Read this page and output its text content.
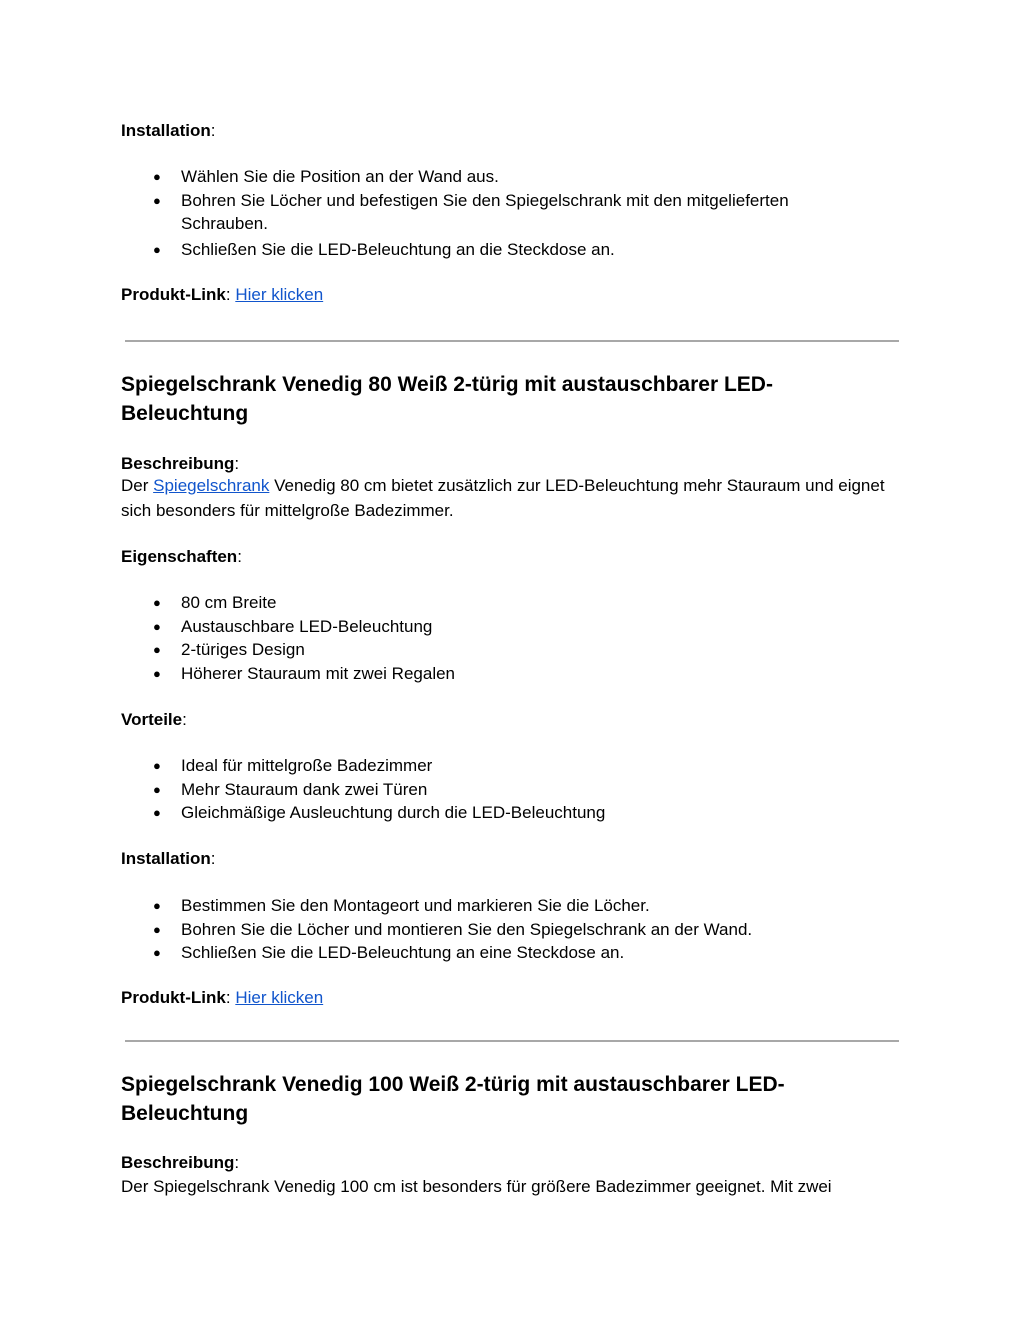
Installation:
● Wählen Sie die Position an der Wand aus.
● Bohren Sie Löcher und befestigen Sie den Spiegelschrank mit den mitgelieferten Schrauben.
● Schließen Sie die LED-Beleuchtung an die Steckdose an.
Produkt-Link: Hier klicken
Spiegelschrank Venedig 80 Weiß 2-türig mit austauschbarer LED-Beleuchtung
Beschreibung:

Der Spiegelschrank Venedig 80 cm bietet zusätzlich zur LED-Beleuchtung mehr Stauraum und eignet sich besonders für mittelgroße Badezimmer.

Eigenschaften:
● 80 cm Breite
● Austauschbare LED-Beleuchtung
● 2-türiges Design
● Höherer Stauraum mit zwei Regalen
Vorteile:
● Ideal für mittelgroße Badezimmer
● Mehr Stauraum dank zwei Türen
● Gleichmäßige Ausleuchtung durch die LED-Beleuchtung
Installation:
● Bestimmen Sie den Montageort und markieren Sie die Löcher.
● Bohren Sie die Löcher und montieren Sie den Spiegelschrank an der Wand.
● Schließen Sie die LED-Beleuchtung an eine Steckdose an.
Produkt-Link: Hier klicken
Spiegelschrank Venedig 100 Weiß 2-türig mit austauschbarer LED-Beleuchtung
Beschreibung:

Der Spiegelschrank Venedig 100 cm ist besonders für größere Badezimmer geeignet. Mit zwei
